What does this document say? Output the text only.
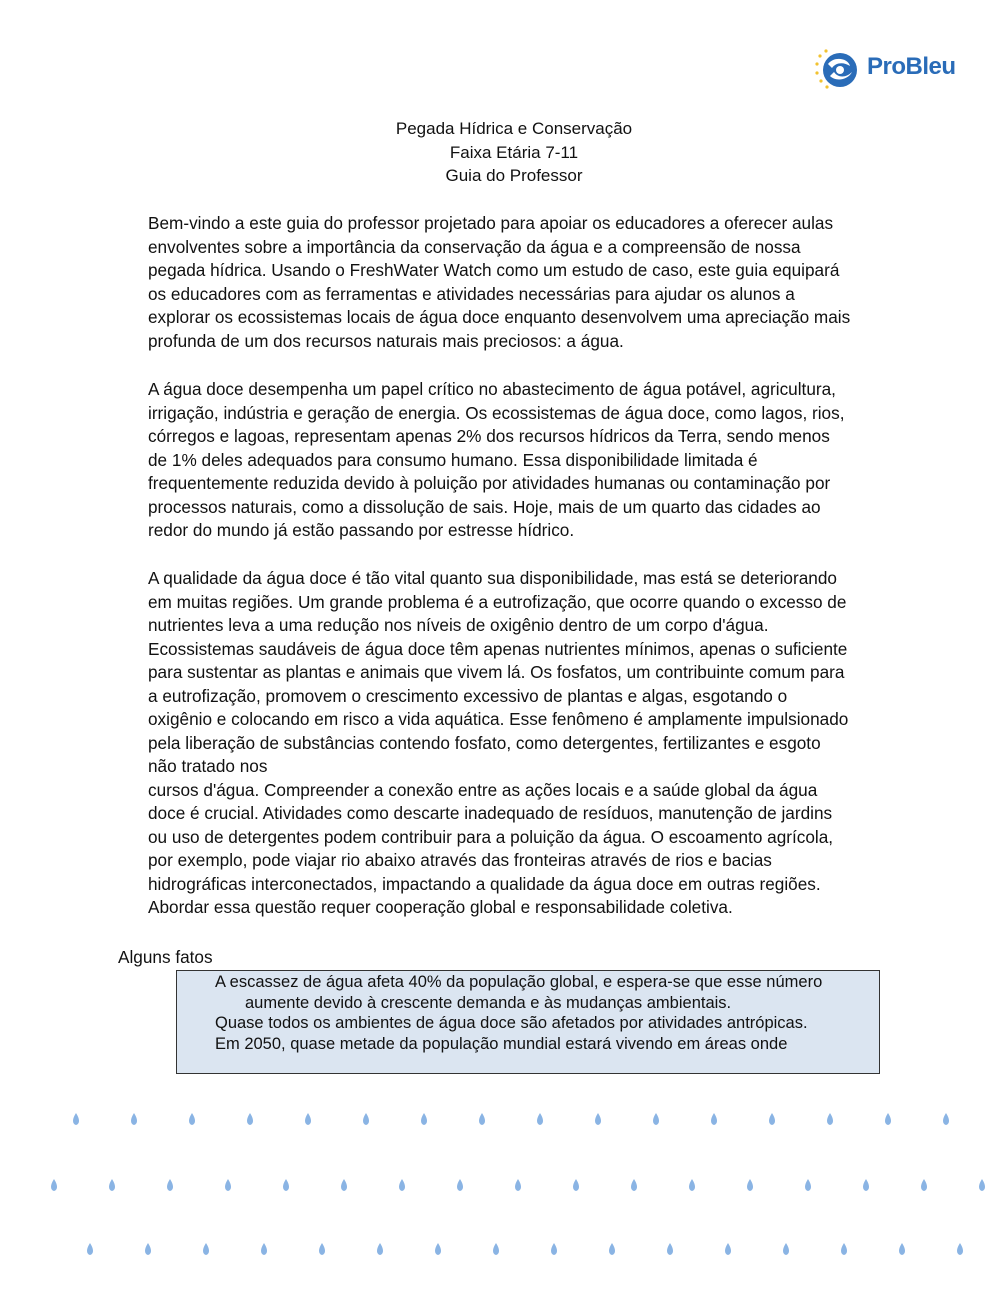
ProBleu
Pegada Hídrica e Conservação
Faixa Etária 7-11
Guia do Professor
Bem-vindo a este guia do professor projetado para apoiar os educadores a oferecer aulas
envolventes sobre a importância da conservação da água e a compreensão de nossa
pegada hídrica. Usando o FreshWater Watch como um estudo de caso, este guia equipará
os educadores com as ferramentas e atividades necessárias para ajudar os alunos a
explorar os ecossistemas locais de água doce enquanto desenvolvem uma apreciação mais
profunda de um dos recursos naturais mais preciosos: a água.
A água doce desempenha um papel crítico no abastecimento de água potável, agricultura,
irrigação, indústria e geração de energia. Os ecossistemas de água doce, como lagos, rios,
córregos e lagoas, representam apenas 2% dos recursos hídricos da Terra, sendo menos
de 1% deles adequados para consumo humano. Essa disponibilidade limitada é
frequentemente reduzida devido à poluição por atividades humanas ou contaminação por
processos naturais, como a dissolução de sais. Hoje, mais de um quarto das cidades ao
redor do mundo já estão passando por estresse hídrico.
A qualidade da água doce é tão vital quanto sua disponibilidade, mas está se deteriorando
em muitas regiões. Um grande problema é a eutrofização, que ocorre quando o excesso de
nutrientes leva a uma redução nos níveis de oxigênio dentro de um corpo d'água.
Ecossistemas saudáveis de água doce têm apenas nutrientes mínimos, apenas o suficiente
para sustentar as plantas e animais que vivem lá. Os fosfatos, um contribuinte comum para
a eutrofização, promovem o crescimento excessivo de plantas e algas, esgotando o
oxigênio e colocando em risco a vida aquática. Esse fenômeno é amplamente impulsionado
pela liberação de substâncias contendo fosfato, como detergentes, fertilizantes e esgoto
não tratado nos
cursos d'água. Compreender a conexão entre as ações locais e a saúde global da água
doce é crucial. Atividades como descarte inadequado de resíduos, manutenção de jardins
ou uso de detergentes podem contribuir para a poluição da água. O escoamento agrícola,
por exemplo, pode viajar rio abaixo através das fronteiras através de rios e bacias
hidrográficas interconectados, impactando a qualidade da água doce em outras regiões.
Abordar essa questão requer cooperação global e responsabilidade coletiva.
Alguns fatos

A escassez de água afeta 40% da população global, e espera-se que esse número aumente devido à crescente demanda e às mudanças ambientais.

Quase todos os ambientes de água doce são afetados por atividades antrópicas.

Em 2050, quase metade da população mundial estará vivendo em áreas onde
